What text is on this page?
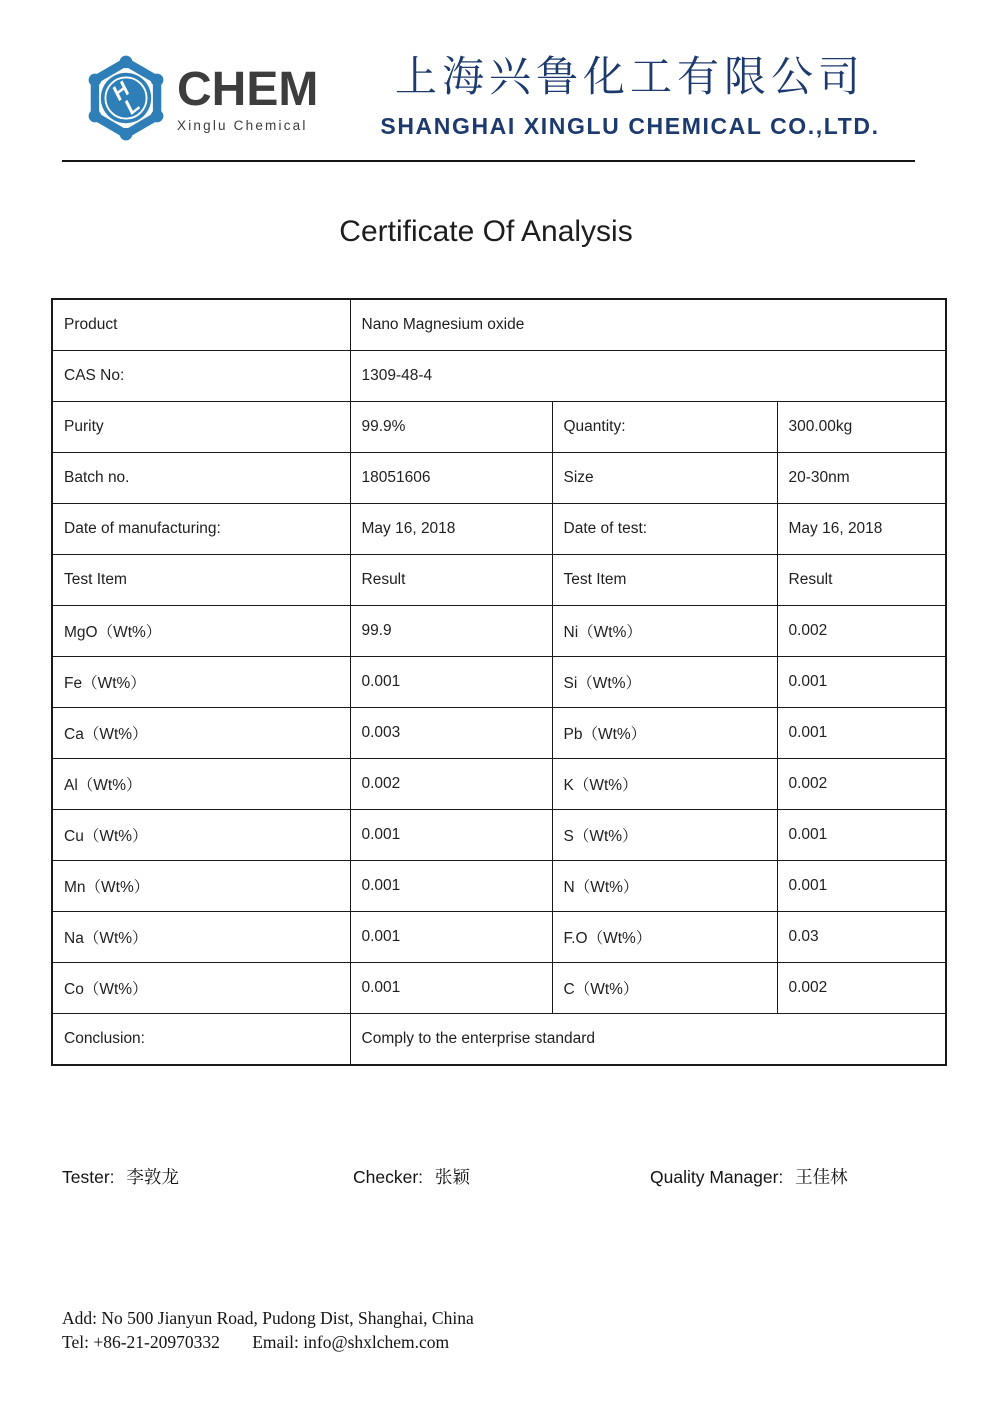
H
L CHEM
Xinglu Chemical
上海兴鲁化工有限公司
SHANGHAI XINGLU CHEMICAL CO.,LTD.
Certificate Of Analysis
Product	Nano Magnesium oxide		
CAS No:	1309-48-4		
Purity	99.9%	Quantity:	300.00kg
Batch no.	18051606	Size	20-30nm
Date of manufacturing:	May 16, 2018	Date of test:	May 16, 2018
Test Item	Result	Test Item	Result
MgO（Wt%）	99.9	Ni（Wt%）	0.002
Fe（Wt%）	0.001	Si（Wt%）	0.001
Ca（Wt%）	0.003	Pb（Wt%）	0.001
Al（Wt%）	0.002	K（Wt%）	0.002
Cu（Wt%）	0.001	S（Wt%）	0.001
Mn（Wt%）	0.001	N（Wt%）	0.001
Na（Wt%）	0.001	F.O（Wt%）	0.03
Co（Wt%）	0.001	C（Wt%）	0.002
Conclusion:	Comply to the enterprise standard		
Tester: 李敦龙	Checker: 张颖	Quality Manager: 王佳林
Add: No 500 Jianyun Road, Pudong Dist, Shanghai, China
Tel: +86-21-20970332 Email: info@shxlchem.com
